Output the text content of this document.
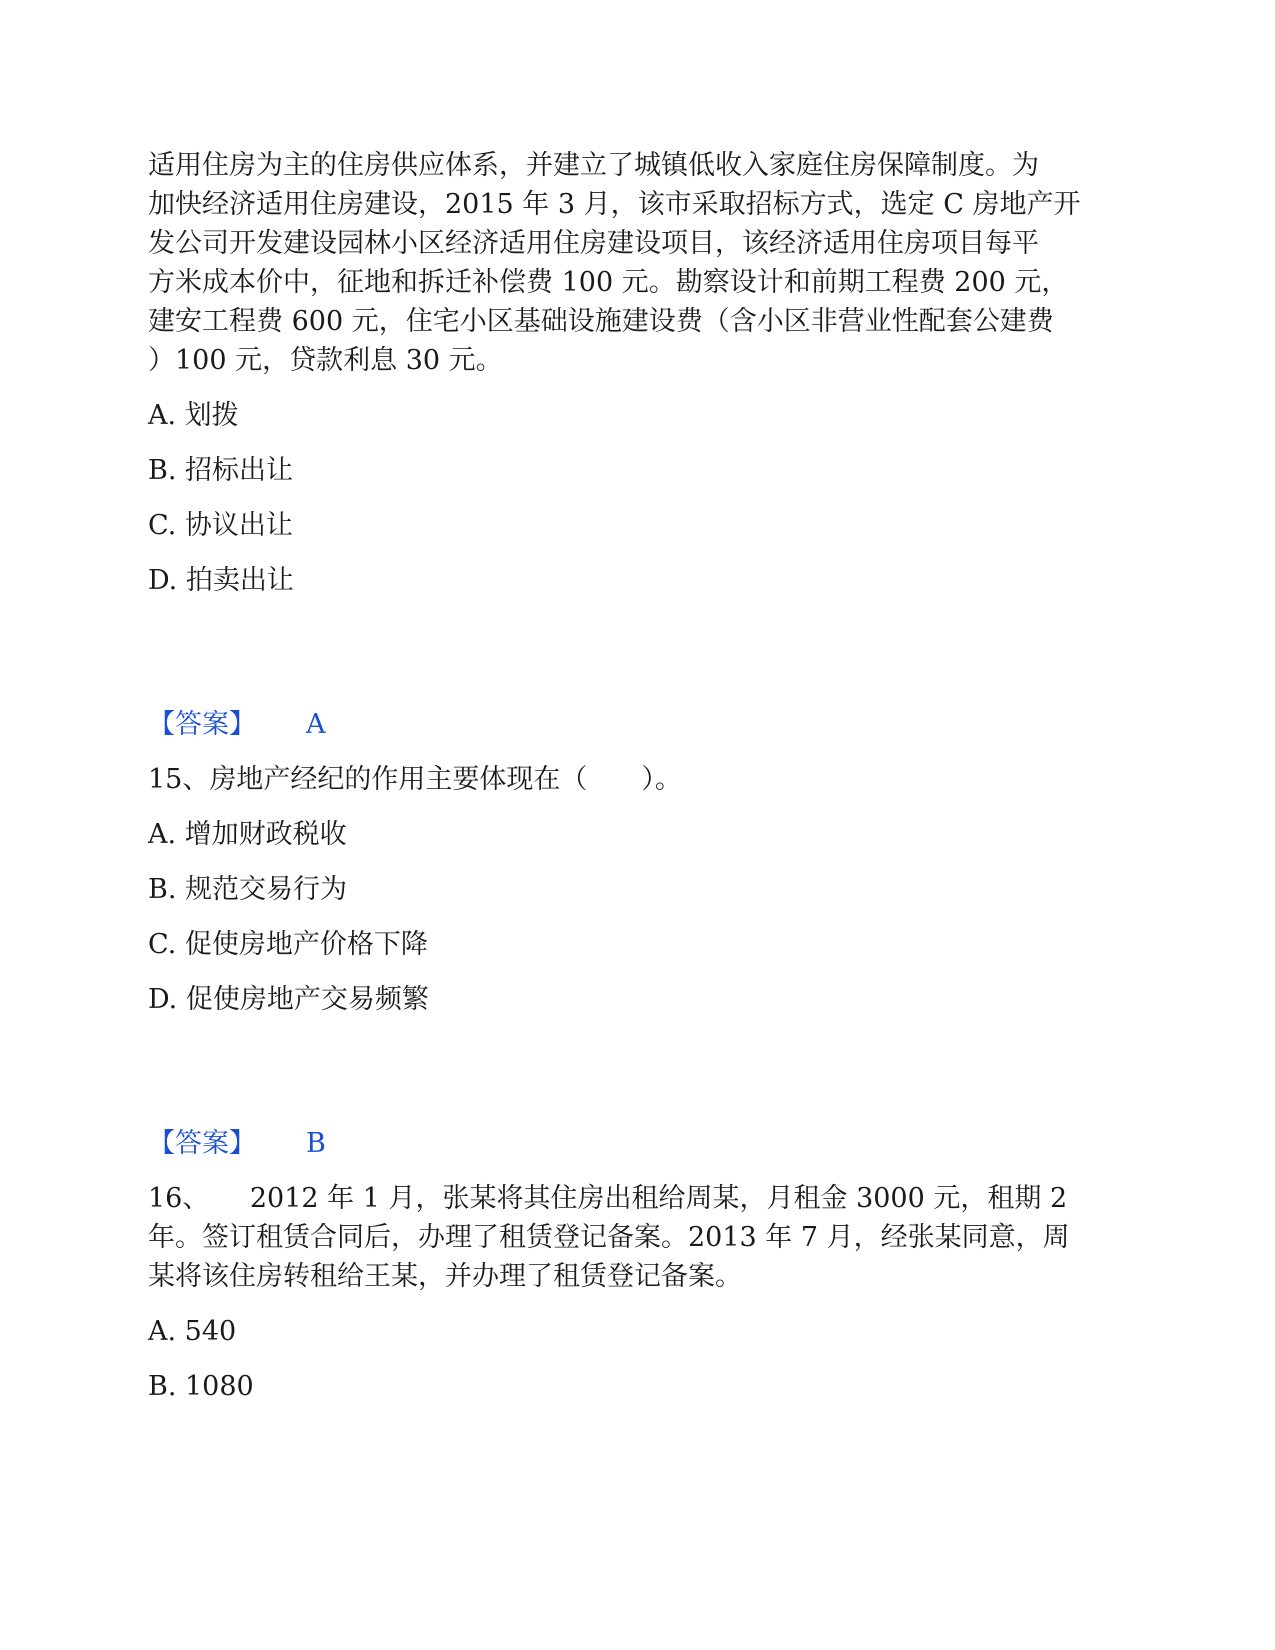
适用住房为主的住房供应体系，并建立了城镇低收入家庭住房保障制度。为

加快经济适用住房建设，2015 年 3 月，该市采取招标方式，选定 C 房地产开

发公司开发建设园林小区经济适用住房建设项目，该经济适用住房项目每平

方米成本价中，征地和拆迁补偿费 100 元。勘察设计和前期工程费 200 元，

建安工程费 600 元，住宅小区基础设施建设费（含小区非营业性配套公建费

）100 元，贷款利息 30 元。

A. 划拨

B. 招标出让

C. 协议出让

D. 拍卖出让

【答案】 A

15、房地产经纪的作用主要体现在（　　）。

A. 增加财政税收

B. 规范交易行为

C. 促使房地产价格下降

D. 促使房地产交易频繁

【答案】 B

16、　　2012 年 1 月，张某将其住房出租给周某，月租金 3000 元，租期 2

年。签订租赁合同后，办理了租赁登记备案。2013 年 7 月，经张某同意，周

某将该住房转租给王某，并办理了租赁登记备案。

A. 540

B. 1080
